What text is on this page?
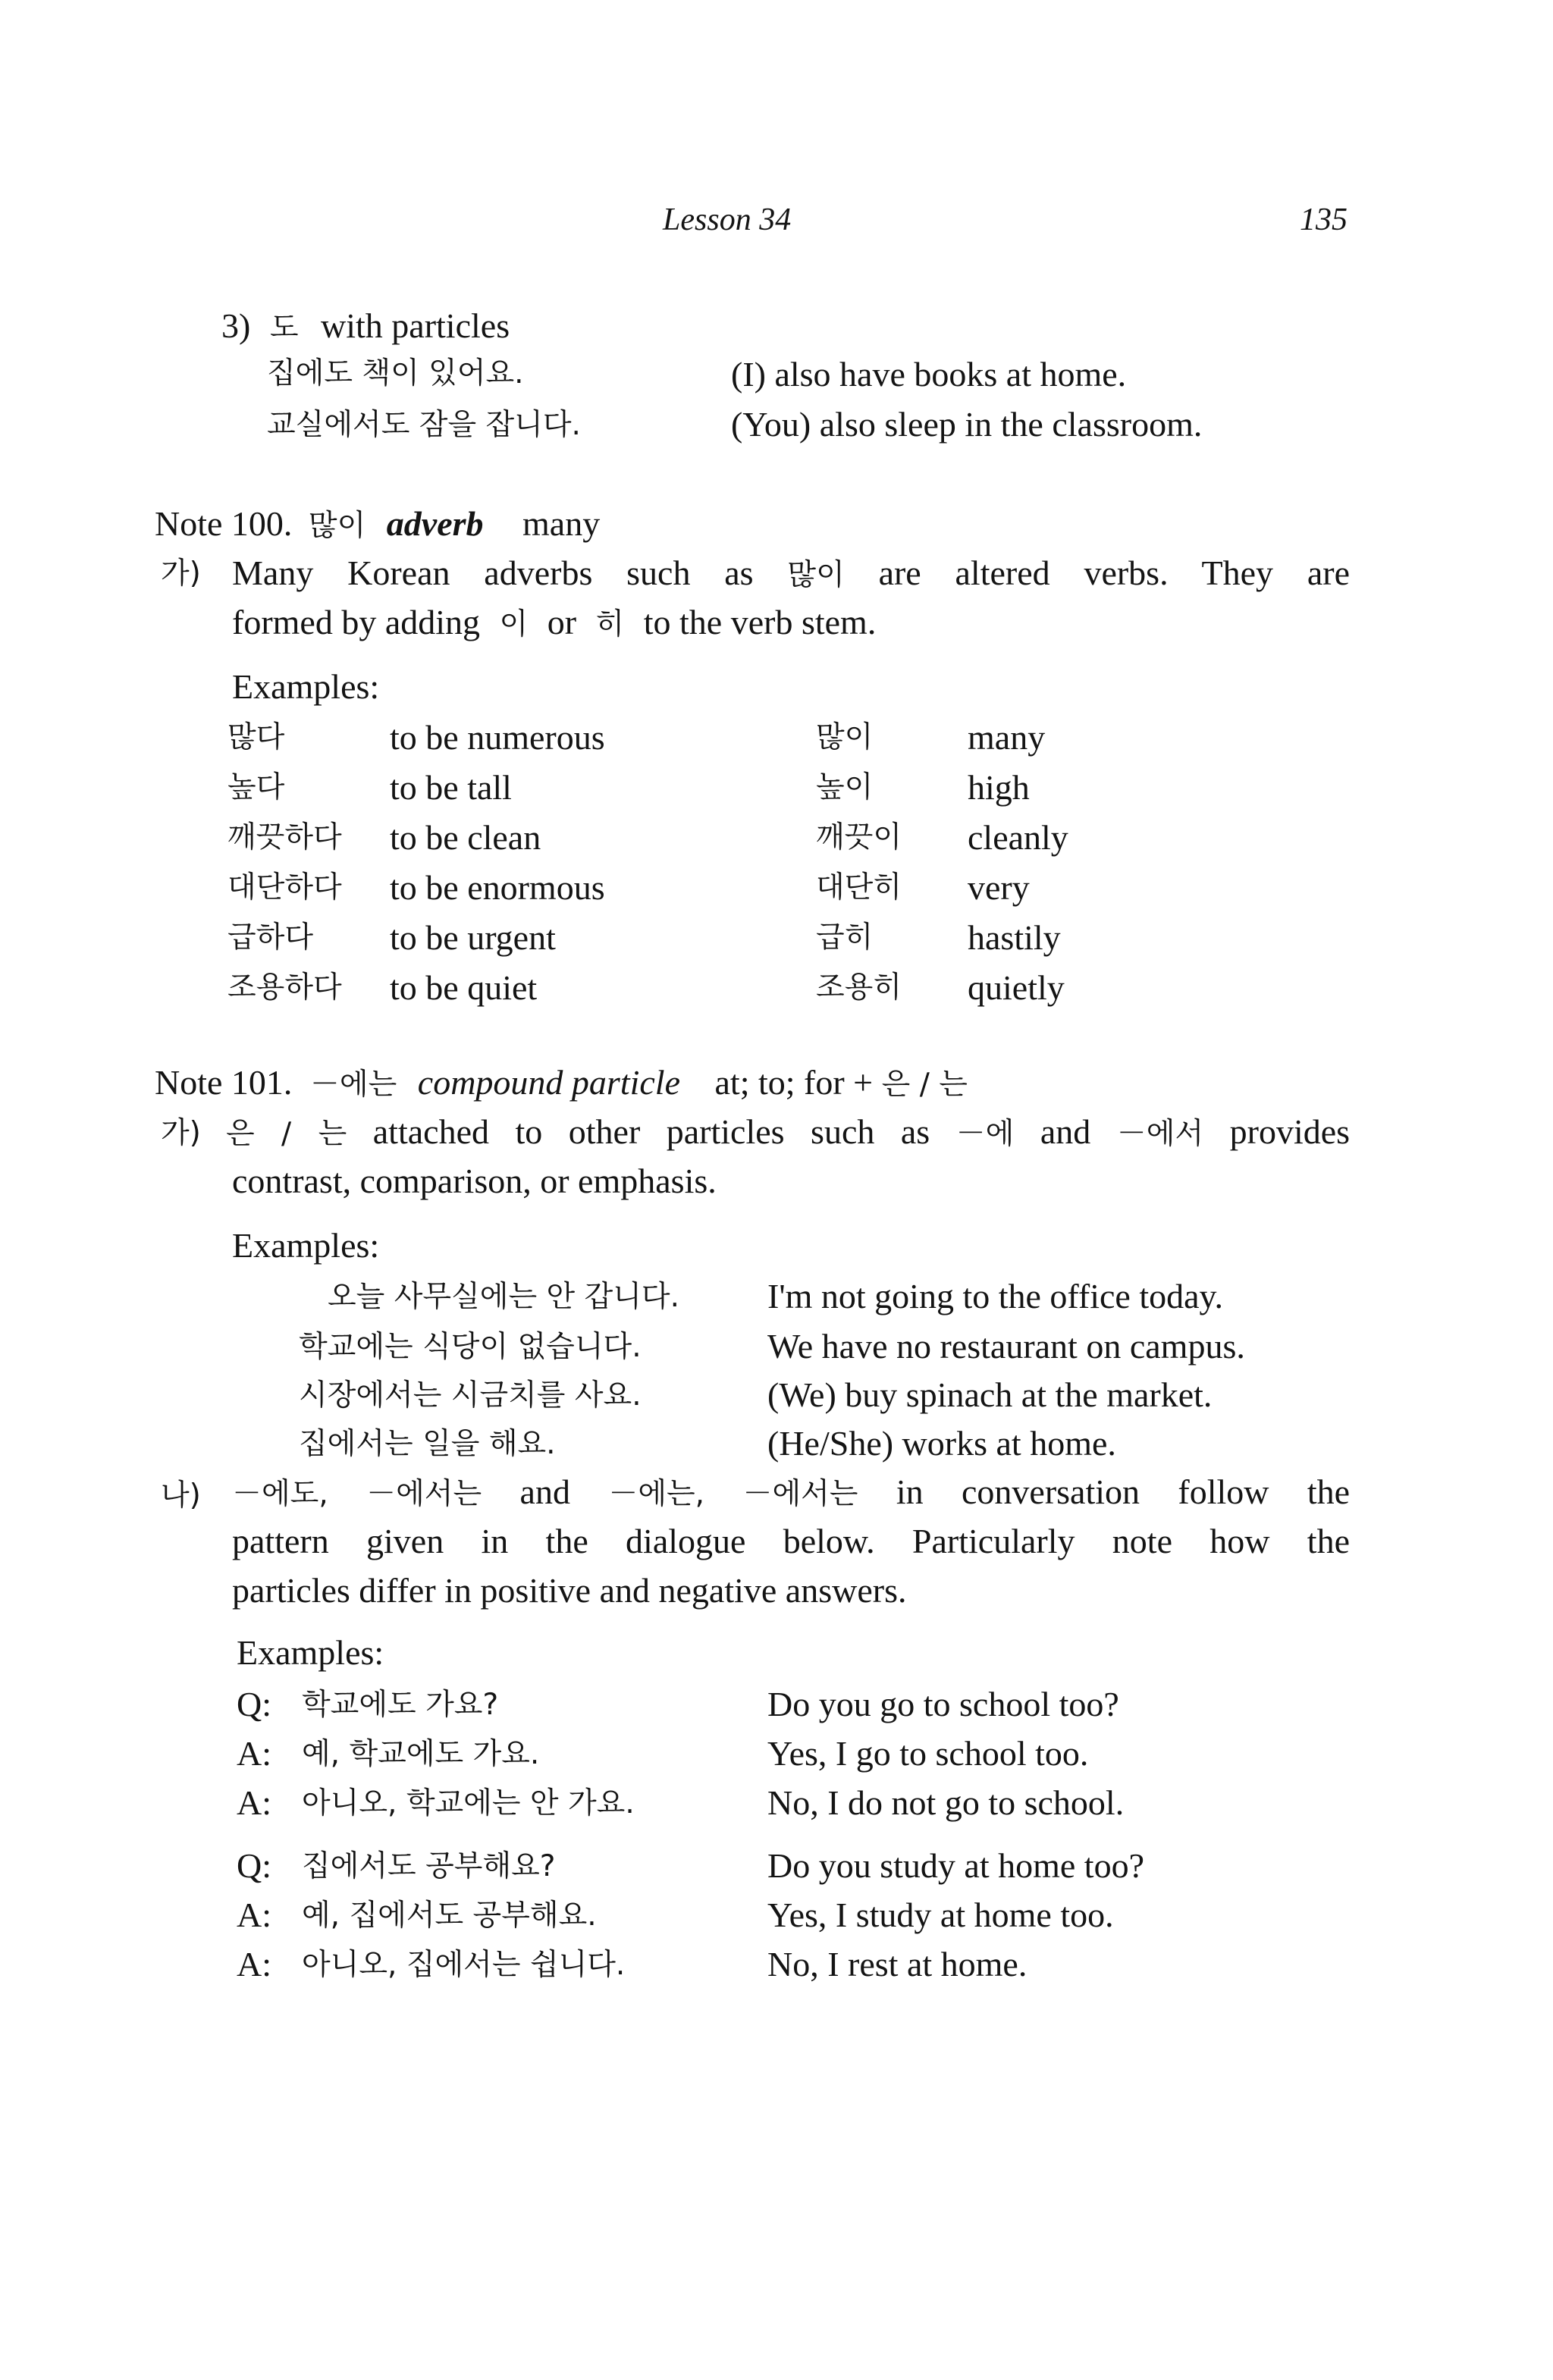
Lesson 34	135
3) 도 with particles
집에도 책이 있어요.	(I) also have books at home.
교실에서도 잠을 잡니다.	(You) also sleep in the classroom.
Note 100. 많이 adverb many
가) Many Korean adverbs such as 많이 are altered verbs. They are
formed by adding 이 or 히 to the verb stem.
Examples:
많다	to be numerous	많이	many
높다	to be tall	높이	high
깨끗하다 to be clean	깨끗이 cleanly
대단하다 to be enormous	대단히 very
급하다 to be urgent	급히	hastily
조용하다 to be quiet	조용히 quietly
Note 101. －에는 compound particle at; to; for + 은 / 는
가) 은 / 는 attached to other particles such as －에 and －에서 provides
contrast, comparison, or emphasis.
Examples:
오늘 사무실에는 안 갑니다.	I'm not going to the office today.
학교에는 식당이 없습니다.	We have no restaurant on campus.
시장에서는 시금치를 사요.	(We) buy spinach at the market.
집에서는 일을 해요.	(He/She) works at home.
나) －에도, －에서는 and －에는, －에서는 in conversation follow the
pattern given in the dialogue below. Particularly note how the
particles differ in positive and negative answers.
Examples:
Q: 학교에도 가요?	Do you go to school too?
A: 예, 학교에도 가요.	Yes, I go to school too.
A: 아니오, 학교에는 안 가요.	No, I do not go to school.
Q: 집에서도 공부해요?	Do you study at home too?
A: 예, 집에서도 공부해요.	Yes, I study at home too.
A: 아니오, 집에서는 쉽니다.	No, I rest at home.
